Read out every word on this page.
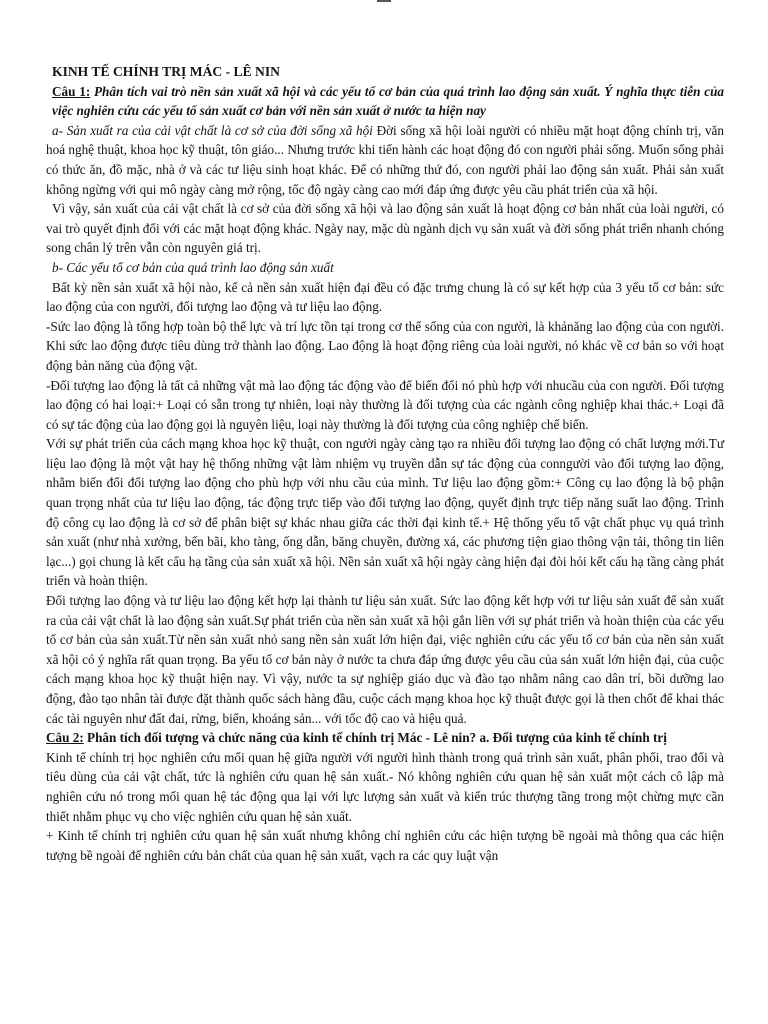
KINH TẾ CHÍNH TRỊ MÁC - LÊ NIN

Câu 1: Phân tích vai trò nền sản xuất xã hội và các yếu tố cơ bản của quá trình lao động sản xuất. Ý nghĩa thực tiễn của việc nghiên cứu các yếu tố sản xuất cơ bản với nền sản xuất ở nước ta hiện nay

a- Sản xuất ra của cải vật chất là cơ sở của đời sống xã hội Đời sống xã hội loài người có nhiều mặt hoạt động chính trị, văn hoá nghệ thuật, khoa học kỹ thuật, tôn giáo... Nhưng trước khi tiến hành các hoạt động đó con người phải sống. Muốn sống phải có thức ăn, đồ mặc, nhà ở và các tư liệu sinh hoạt khác. Để có những thứ đó, con người phải lao động sản xuất. Phải sản xuất không ngừng với qui mô ngày càng mở rộng, tốc độ ngày càng cao mới đáp ứng được yêu cầu phát triển của xã hội.

Vì vậy, sản xuất của cải vật chất là cơ sở của đời sống xã hội và lao động sản xuất là hoạt động cơ bản nhất của loài người, có vai trò quyết định đối với các mặt hoạt động khác. Ngày nay, mặc dù ngành dịch vụ sản xuất và đời sống phát triển nhanh chóng song chân lý trên vẫn còn nguyên giá trị.

b- Các yếu tố cơ bản của quá trình lao động sản xuất

Bất kỳ nền sản xuất xã hội nào, kể cả nền sản xuất hiện đại đều có đặc trưng chung là có sự kết hợp của 3 yếu tố cơ bản: sức lao động của con người, đối tượng lao động và tư liệu lao động.

-Sức lao động là tổng hợp toàn bộ thể lực và trí lực tồn tại trong cơ thể sống của con người, là khảnăng lao động của con người. Khi sức lao động được tiêu dùng trở thành lao động. Lao động là hoạt động riêng của loài người, nó khác về cơ bản so với hoạt động bản năng của động vật.

-Đối tượng lao động là tất cả những vật mà lao động tác động vào để biến đổi nó phù hợp với nhucầu của con người. Đối tượng lao động có hai loại:+ Loại có sẵn trong tự nhiên, loại này thường là đối tượng của các ngành công nghiệp khai thác.+ Loại đã có sự tác động của lao động gọi là nguyên liệu, loại này thường là đối tượng của công nghiệp chế biến.

Với sự phát triển của cách mạng khoa học kỹ thuật, con người ngày càng tạo ra nhiều đối tượng lao động có chất lượng mới.Tư liệu lao động là một vật hay hệ thống những vật làm nhiệm vụ truyền dẫn sự tác động của conngười vào đối tượng lao động, nhằm biến đổi đối tượng lao động cho phù hợp với nhu cầu của mình. Tư liệu lao động gồm:+ Công cụ lao động là bộ phận quan trọng nhất của tư liệu lao động, tác động trực tiếp vào đối tượng lao động, quyết định trực tiếp năng suất lao động. Trình độ công cụ lao động là cơ sở để phân biệt sự khác nhau giữa các thời đại kinh tế.+ Hệ thống yếu tố vật chất phục vụ quá trình sản xuất (như nhà xưởng, bến bãi, kho tàng, ống dẫn, băng chuyền, đường xá, các phương tiện giao thông vận tải, thông tin liên lạc...) gọi chung là kết cấu hạ tầng của sản xuất xã hội. Nền sản xuất xã hội ngày càng hiện đại đòi hỏi kết cấu hạ tầng càng phát triển và hoàn thiện.

Đối tượng lao động và tư liệu lao động kết hợp lại thành tư liệu sản xuất. Sức lao động kết hợp với tư liệu sản xuất để sản xuất ra của cải vật chất là lao động sản xuất.Sự phát triển của nền sản xuất xã hội gắn liền với sự phát triển và hoàn thiện của các yếu tố cơ bản của sản xuất.Từ nền sản xuất nhỏ sang nền sản xuất lớn hiện đại, việc nghiên cứu các yếu tố cơ bản của nền sản xuất xã hội có ý nghĩa rất quan trọng. Ba yếu tố cơ bản này ở nước ta chưa đáp ứng được yêu cầu của sản xuất lớn hiện đại, của cuộc cách mạng khoa học kỹ thuật hiện nay. Vì vậy, nước ta sự nghiệp giáo dục và đào tạo nhằm nâng cao dân trí, bồi dưỡng lao động, đào tạo nhân tài được đặt thành quốc sách hàng đầu, cuộc cách mạng khoa học kỹ thuật được gọi là then chốt để khai thác các tài nguyên như đất đai, rừng, biển, khoáng sản... với tốc độ cao và hiệu quả.

Câu 2: Phân tích đối tượng và chức năng của kinh tế chính trị Mác - Lê nin? a. Đối tượng của kinh tế chính trị

Kinh tế chính trị học nghiên cứu mối quan hệ giữa người với người hình thành trong quá trình sản xuất, phân phối, trao đổi và tiêu dùng của cải vật chất, tức là nghiên cứu quan hệ sản xuất.- Nó không nghiên cứu quan hệ sản xuất một cách cô lập mà nghiên cứu nó trong mối quan hệ tác động qua lại với lực lượng sản xuất và kiến trúc thượng tầng trong một chừng mực cần thiết nhằm phục vụ cho việc nghiên cứu quan hệ sản xuất.

+ Kinh tế chính trị nghiên cứu quan hệ sản xuất nhưng không chỉ nghiên cứu các hiện tượng bề ngoài mà thông qua các hiện tượng bề ngoài để nghiên cứu bản chất của quan hệ sản xuất, vạch ra các quy luật vận
